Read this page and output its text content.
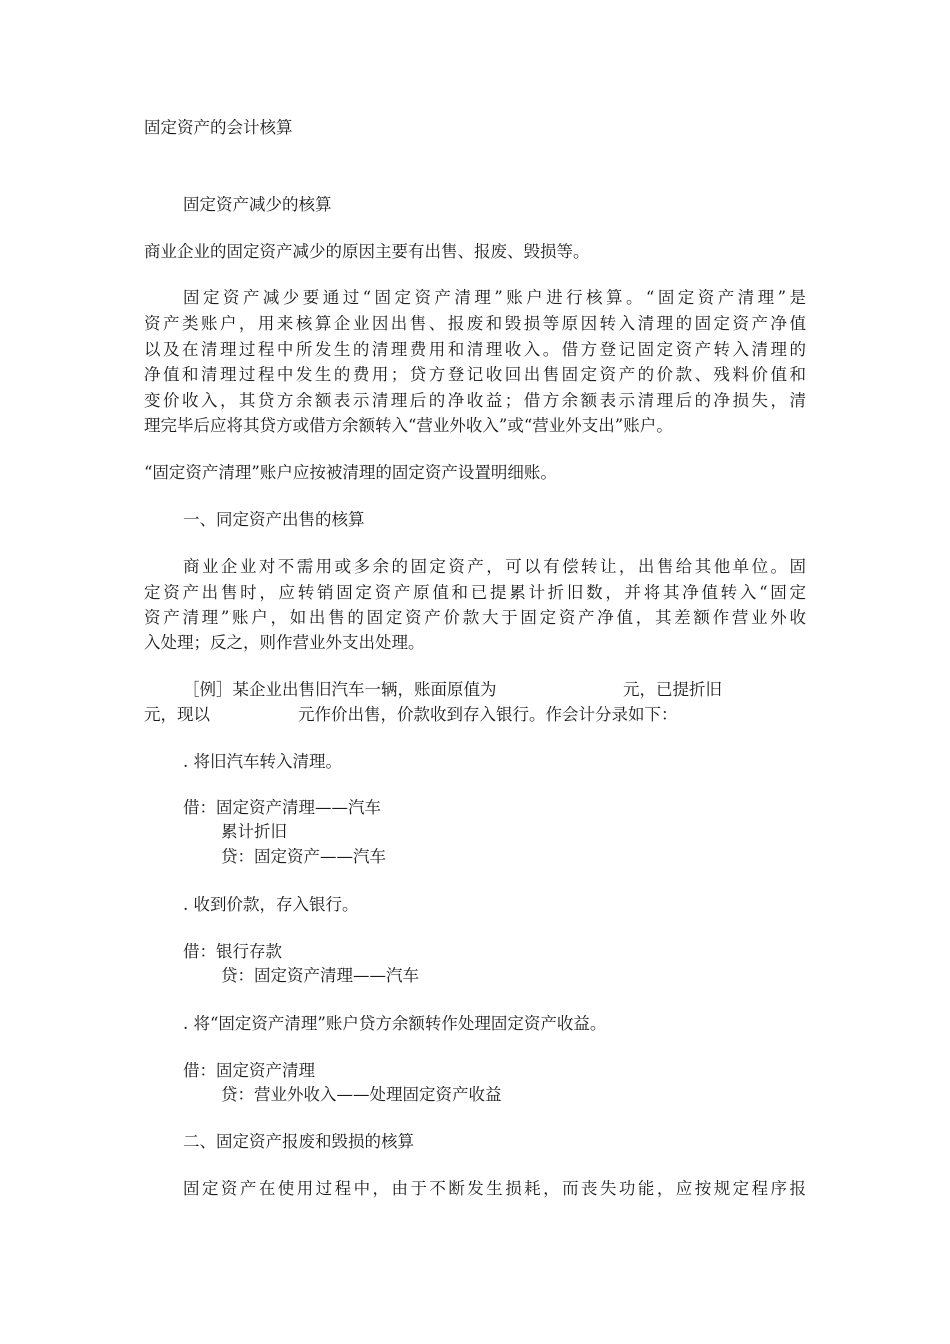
固定资产的会计核算
固定资产减少的核算
商业企业的固定资产减少的原因主要有出售、报废、毁损等。
固定资产减少要通过“固定资产清理”账户进行核算。“固定资产清理”是
资产类账户，用来核算企业因出售、报废和毁损等原因转入清理的固定资产净值
以及在清理过程中所发生的清理费用和清理收入。借方登记固定资产转入清理的
净值和清理过程中发生的费用；贷方登记收回出售固定资产的价款、残料价值和
变价收入，其贷方余额表示清理后的净收益；借方余额表示清理后的净损失，清
理完毕后应将其贷方或借方余额转入“营业外收入”或“营业外支出”账户。
“固定资产清理”账户应按被清理的固定资产设置明细账。
一、同定资产出售的核算
商业企业对不需用或多余的固定资产，可以有偿转让，出售给其他单位。固
定资产出售时，应转销固定资产原值和已提累计折旧数，并将其净值转入“固定
资产清理”账户，如出售的固定资产价款大于固定资产净值，其差额作营业外收
入处理；反之，则作营业外支出处理。
［例］某企业出售旧汽车一辆，账面原值为	元，已提折旧
元，现以	元作价出售，价款收到存入银行。作会计分录如下：
. 将旧汽车转入清理。
借：固定资产清理——汽车
累计折旧
贷：固定资产——汽车
. 收到价款，存入银行。
借：银行存款
贷：固定资产清理——汽车
. 将“固定资产清理”账户贷方余额转作处理固定资产收益。
借：固定资产清理
贷：营业外收入——处理固定资产收益
二、固定资产报废和毁损的核算
固定资产在使用过程中，由于不断发生损耗，而丧失功能，应按规定程序报
